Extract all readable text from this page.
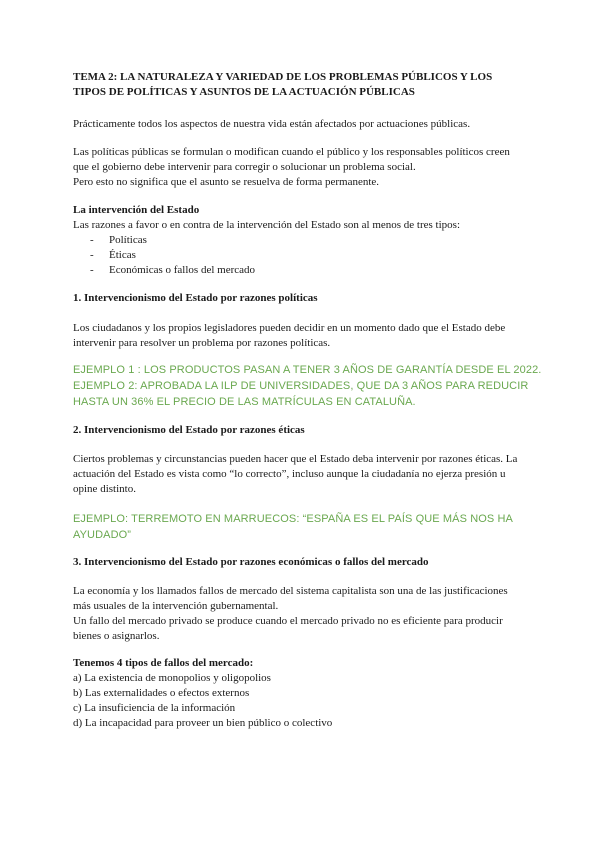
TEMA 2: LA NATURALEZA Y VARIEDAD DE LOS PROBLEMAS PÚBLICOS Y LOS
TIPOS DE POLÍTICAS Y ASUNTOS DE LA ACTUACIÓN PÚBLICAS
Prácticamente todos los aspectos de nuestra vida están afectados por actuaciones públicas.
Las políticas públicas se formulan o modifican cuando el público y los responsables políticos creen
que el gobierno debe intervenir para corregir o solucionar un problema social.
Pero esto no significa que el asunto se resuelva de forma permanente.
La intervención del Estado
Las razones a favor o en contra de la intervención del Estado son al menos de tres tipos:
-	Políticas
-	Éticas
-	Económicas o fallos del mercado
1. Intervencionismo del Estado por razones políticas
Los ciudadanos y los propios legisladores pueden decidir en un momento dado que el Estado debe
intervenir para resolver un problema por razones políticas.
EJEMPLO 1 : LOS PRODUCTOS PASAN A TENER 3 AÑOS DE GARANTÍA DESDE EL 2022.
EJEMPLO 2: APROBADA LA ILP DE UNIVERSIDADES, QUE DA 3 AÑOS PARA REDUCIR
HASTA UN 36% EL PRECIO DE LAS MATRÍCULAS EN CATALUÑA.
2. Intervencionismo del Estado por razones éticas
Ciertos problemas y circunstancias pueden hacer que el Estado deba intervenir por razones éticas. La
actuación del Estado es vista como “lo correcto”, incluso aunque la ciudadanía no ejerza presión u
opine distinto.
EJEMPLO: TERREMOTO EN MARRUECOS: “ESPAÑA ES EL PAÍS QUE MÁS NOS HA
AYUDADO”
3. Intervencionismo del Estado por razones económicas o fallos del mercado
La economía y los llamados fallos de mercado del sistema capitalista son una de las justificaciones
más usuales de la intervención gubernamental.
Un fallo del mercado privado se produce cuando el mercado privado no es eficiente para producir
bienes o asignarlos.
Tenemos 4 tipos de fallos del mercado:
a) La existencia de monopolios y oligopolios
b) Las externalidades o efectos externos
c) La insuficiencia de la información
d) La incapacidad para proveer un bien público o colectivo
